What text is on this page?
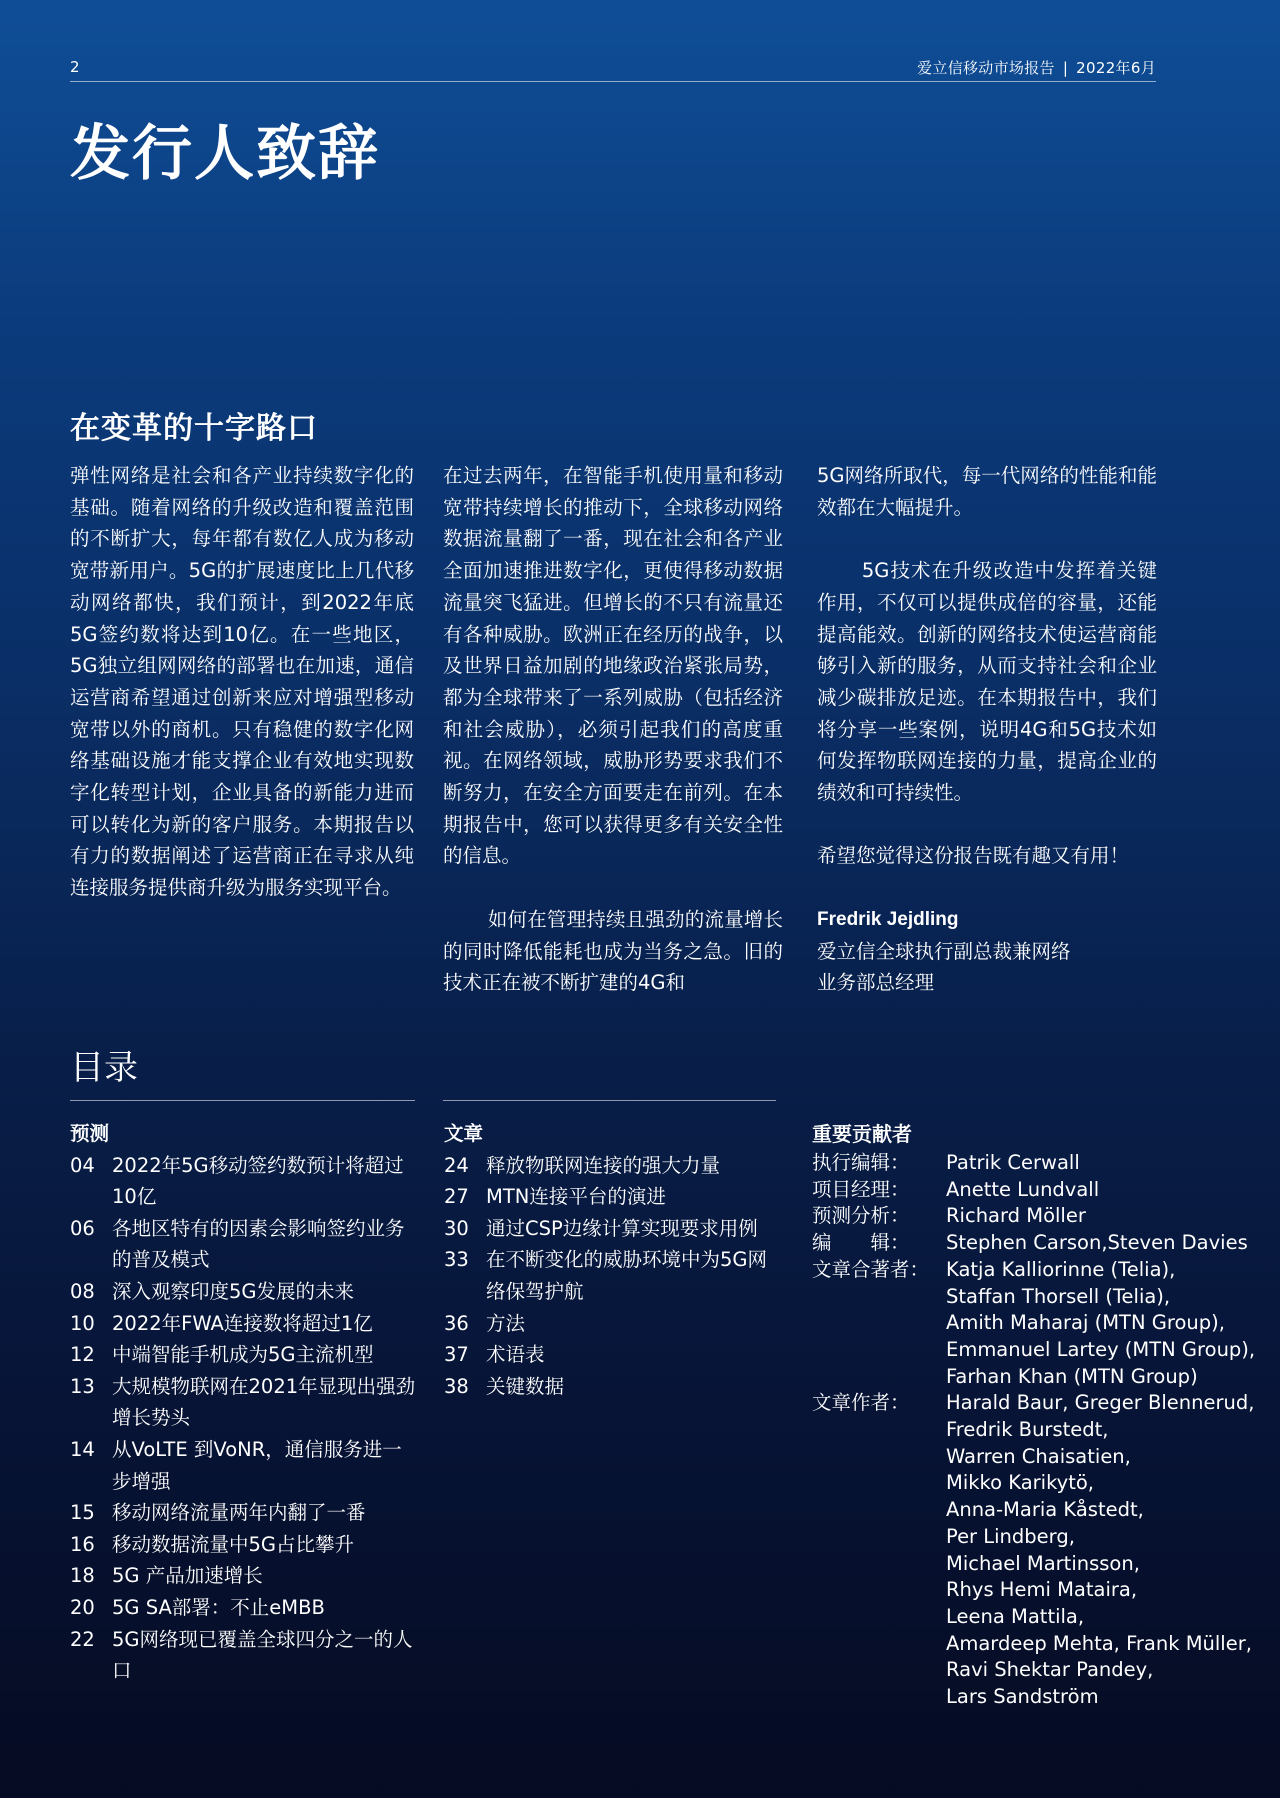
2	爱立信移动市场报告 | 2022年6月
发行人致辞
在变革的十字路口

弹性网络是社会和各产业持续数字化的基础。随着网络的升级改造和覆盖范围的不断扩大，每年都有数亿人成为移动宽带新用户。5G的扩展速度比上几代移动网络都快，我们预计，到2022年底5G签约数将达到10亿。在一些地区，5G独立组网网络的部署也在加速，通信运营商希望通过创新来应对增强型移动宽带以外的商机。只有稳健的数字化网络基础设施才能支撑企业有效地实现数字化转型计划，企业具备的新能力进而可以转化为新的客户服务。本期报告以有力的数据阐述了运营商正在寻求从纯连接服务提供商升级为服务实现平台。

在过去两年，在智能手机使用量和移动宽带持续增长的推动下，全球移动网络数据流量翻了一番，现在社会和各产业全面加速推进数字化，更使得移动数据流量突飞猛进。但增长的不只有流量还有各种威胁。欧洲正在经历的战争，以及世界日益加剧的地缘政治紧张局势，都为全球带来了一系列威胁（包括经济和社会威胁），必须引起我们的高度重视。在网络领域，威胁形势要求我们不断努力，在安全方面要走在前列。在本期报告中，您可以获得更多有关安全性的信息。

如何在管理持续且强劲的流量增长的同时降低能耗也成为当务之急。旧的技术正在被不断扩建的4G和

5G网络所取代，每一代网络的性能和能效都在大幅提升。

5G技术在升级改造中发挥着关键作用，不仅可以提供成倍的容量，还能提高能效。创新的网络技术使运营商能够引入新的服务，从而支持社会和企业减少碳排放足迹。在本期报告中，我们将分享一些案例，说明4G和5G技术如何发挥物联网连接的力量，提高企业的绩效和可持续性。

希望您觉得这份报告既有趣又有用！

Fredrik Jejdling

爱立信全球执行副总裁兼网络

业务部总经理

目录
预测
04 2022年5G移动签约数预计将超过10亿
06 各地区特有的因素会影响签约业务的普及模式
08 深入观察印度5G发展的未来
10 2022年FWA连接数将超过1亿
12 中端智能手机成为5G主流机型
13 大规模物联网在2021年显现出强劲增长势头
14 从VoLTE 到VoNR，通信服务进一步增强
15 移动网络流量两年内翻了一番
16 移动数据流量中5G占比攀升
18 5G 产品加速增长
20 5G SA部署：不止eMBB
22 5G网络现已覆盖全球四分之一的人口
文章
24 释放物联网连接的强大力量
27 MTN连接平台的演进
30 通过CSP边缘计算实现要求用例
33 在不断变化的威胁环境中为5G网络保驾护航
36 方法
37 术语表
38 关键数据
重要贡献者
执行编辑：	Patrik Cerwall
项目经理：	Anette Lundvall
预测分析：	Richard Möller
编　　辑：	Stephen Carson,Steven Davies
文章合著者： Katja Kalliorinne (Telia),
Staffan Thorsell (Telia),
Amith Maharaj (MTN Group),
Emmanuel Lartey (MTN Group),
Farhan Khan (MTN Group)
文章作者：	Harald Baur, Greger Blennerud,
Fredrik Burstedt,
Warren Chaisatien,
Mikko Karikytö,
Anna-Maria Kåstedt,
Per Lindberg,
Michael Martinsson,
Rhys Hemi Mataira,
Leena Mattila,
Amardeep Mehta, Frank Müller,
Ravi Shektar Pandey,
Lars Sandström
